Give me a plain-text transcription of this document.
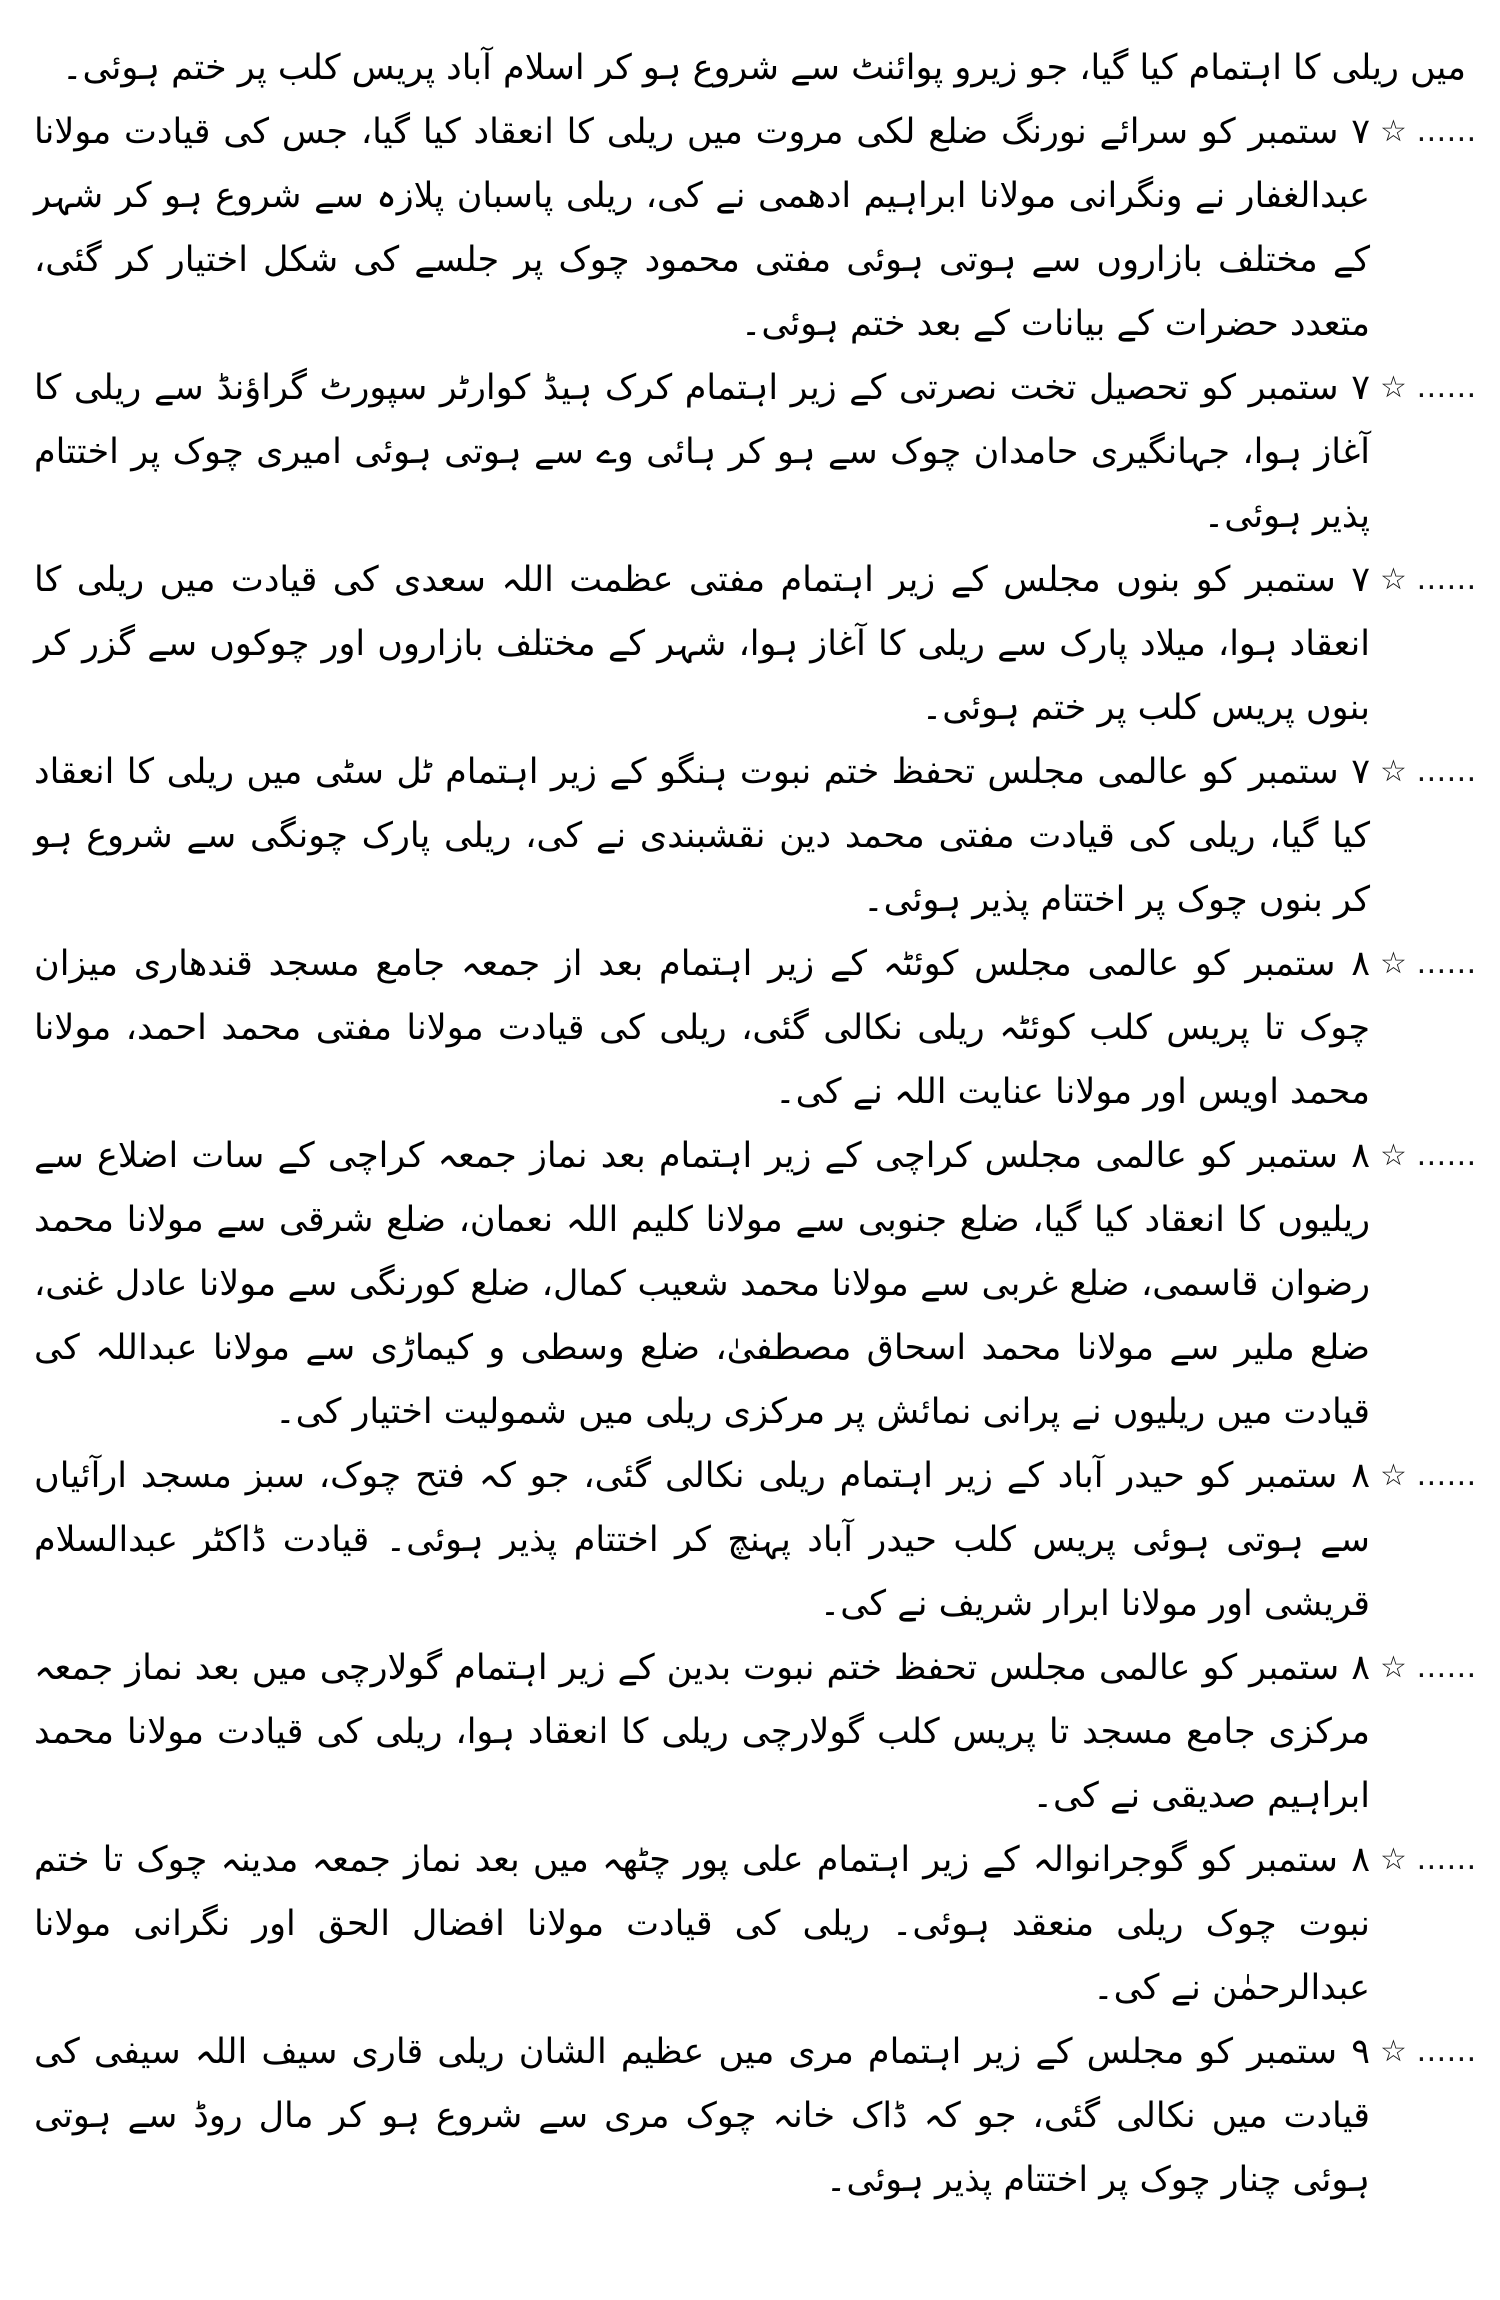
میں ریلی کا اہتمام کیا گیا، جو زیرو پوائنٹ سے شروع ہو کر اسلام آباد پریس کلب پر ختم ہوئی۔

☆ ……

۷ ستمبر کو سرائے نورنگ ضلع لکی مروت میں ریلی کا انعقاد کیا گیا، جس کی قیادت مولانا عبدالغفار نے ونگرانی مولانا ابراہیم ادھمی نے کی، ریلی پاسبان پلازہ سے شروع ہو کر شہر کے مختلف بازاروں سے ہوتی ہوئی مفتی محمود چوک پر جلسے کی شکل اختیار کر گئی، متعدد حضرات کے بیانات کے بعد ختم ہوئی۔

☆ ……

۷ ستمبر کو تحصیل تخت نصرتی کے زیر اہتمام کرک ہیڈ کوارٹر سپورٹ گراؤنڈ سے ریلی کا آغاز ہوا، جہانگیری حامدان چوک سے ہو کر ہائی وے سے ہوتی ہوئی امیری چوک پر اختتام پذیر ہوئی۔

☆ ……

۷ ستمبر کو بنوں مجلس کے زیر اہتمام مفتی عظمت اللہ سعدی کی قیادت میں ریلی کا انعقاد ہوا، میلاد پارک سے ریلی کا آغاز ہوا، شہر کے مختلف بازاروں اور چوکوں سے گزر کر بنوں پریس کلب پر ختم ہوئی۔

☆ ……

۷ ستمبر کو عالمی مجلس تحفظ ختم نبوت ہنگو کے زیر اہتمام ٹل سٹی میں ریلی کا انعقاد کیا گیا، ریلی کی قیادت مفتی محمد دین نقشبندی نے کی، ریلی پارک چونگی سے شروع ہو کر بنوں چوک پر اختتام پذیر ہوئی۔

☆ ……

۸ ستمبر کو عالمی مجلس کوئٹہ کے زیر اہتمام بعد از جمعہ جامع مسجد قندھاری میزان چوک تا پریس کلب کوئٹہ ریلی نکالی گئی، ریلی کی قیادت مولانا مفتی محمد احمد، مولانا محمد اویس اور مولانا عنایت اللہ نے کی۔

☆ ……

۸ ستمبر کو عالمی مجلس کراچی کے زیر اہتمام بعد نماز جمعہ کراچی کے سات اضلاع سے ریلیوں کا انعقاد کیا گیا، ضلع جنوبی سے مولانا کلیم اللہ نعمان، ضلع شرقی سے مولانا محمد رضوان قاسمی، ضلع غربی سے مولانا محمد شعیب کمال، ضلع کورنگی سے مولانا عادل غنی، ضلع ملیر سے مولانا محمد اسحاق مصطفیٰ، ضلع وسطی و کیماڑی سے مولانا عبداللہ کی قیادت میں ریلیوں نے پرانی نمائش پر مرکزی ریلی میں شمولیت اختیار کی۔

☆ ……

۸ ستمبر کو حیدر آباد کے زیر اہتمام ریلی نکالی گئی، جو کہ فتح چوک، سبز مسجد ارآئیاں سے ہوتی ہوئی پریس کلب حیدر آباد پہنچ کر اختتام پذیر ہوئی۔ قیادت ڈاکٹر عبدالسلام قریشی اور مولانا ابرار شریف نے کی۔

☆ ……

۸ ستمبر کو عالمی مجلس تحفظ ختم نبوت بدین کے زیر اہتمام گولارچی میں بعد نماز جمعہ مرکزی جامع مسجد تا پریس کلب گولارچی ریلی کا انعقاد ہوا، ریلی کی قیادت مولانا محمد ابراہیم صدیقی نے کی۔

☆ ……

۸ ستمبر کو گوجرانوالہ کے زیر اہتمام علی پور چٹھہ میں بعد نماز جمعہ مدینہ چوک تا ختم نبوت چوک ریلی منعقد ہوئی۔ ریلی کی قیادت مولانا افضال الحق اور نگرانی مولانا عبدالرحمٰن نے کی۔

☆ ……

۹ ستمبر کو مجلس کے زیر اہتمام مری میں عظیم الشان ریلی قاری سیف اللہ سیفی کی قیادت میں نکالی گئی، جو کہ ڈاک خانہ چوک مری سے شروع ہو کر مال روڈ سے ہوتی ہوئی چنار چوک پر اختتام پذیر ہوئی۔
